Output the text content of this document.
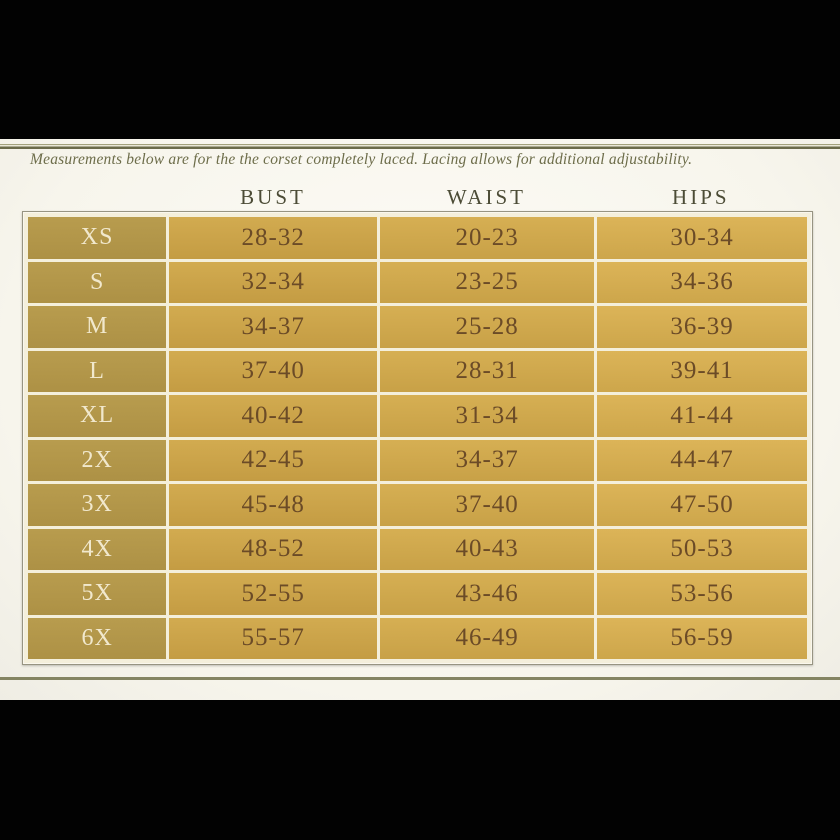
Measurements below are for the the corset completely laced. Lacing allows for additional adjustability.

BUST	WAIST	HIPS
XS	28-32	20-23	30-34
S	32-34	23-25	34-36
M	34-37	25-28	36-39
L	37-40	28-31	39-41
XL	40-42	31-34	41-44
2X	42-45	34-37	44-47
3X	45-48	37-40	47-50
4X	48-52	40-43	50-53
5X	52-55	43-46	53-56
6X	55-57	46-49	56-59
